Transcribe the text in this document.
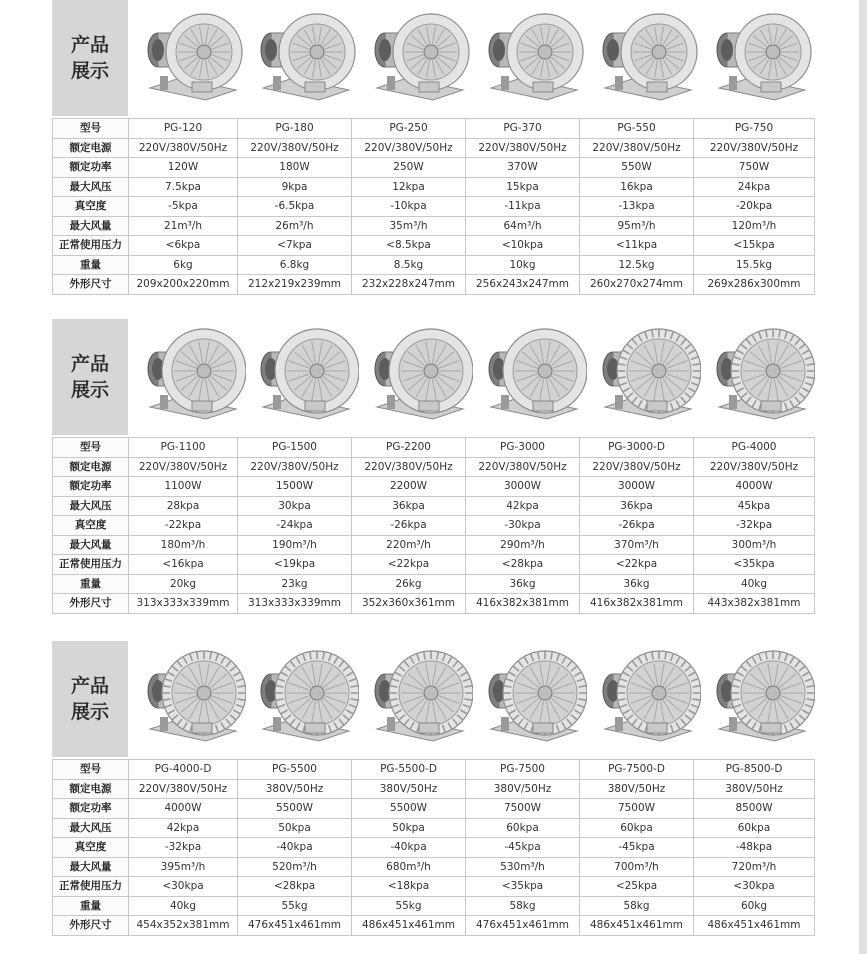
产品
展示
型号	PG-120	PG-180	PG-250	PG-370	PG-550	PG-750
额定电源	220V/380V/50Hz	220V/380V/50Hz	220V/380V/50Hz	220V/380V/50Hz	220V/380V/50Hz	220V/380V/50Hz
额定功率	120W	180W	250W	370W	550W	750W
最大风压	7.5kpa	9kpa	12kpa	15kpa	16kpa	24kpa
真空度	-5kpa	-6.5kpa	-10kpa	-11kpa	-13kpa	-20kpa
最大风量	21m³/h	26m³/h	35m³/h	64m³/h	95m³/h	120m³/h
正常使用压力	<6kpa	<7kpa	<8.5kpa	<10kpa	<11kpa	<15kpa
重量	6kg	6.8kg	8.5kg	10kg	12.5kg	15.5kg
外形尺寸	209x200x220mm	212x219x239mm	232x228x247mm	256x243x247mm	260x270x274mm	269x286x300mm
产品
展示
型号	PG-1100	PG-1500	PG-2200	PG-3000	PG-3000-D	PG-4000
额定电源	220V/380V/50Hz	220V/380V/50Hz	220V/380V/50Hz	220V/380V/50Hz	220V/380V/50Hz	220V/380V/50Hz
额定功率	1100W	1500W	2200W	3000W	3000W	4000W
最大风压	28kpa	30kpa	36kpa	42kpa	36kpa	45kpa
真空度	-22kpa	-24kpa	-26kpa	-30kpa	-26kpa	-32kpa
最大风量	180m³/h	190m³/h	220m³/h	290m³/h	370m³/h	300m³/h
正常使用压力	<16kpa	<19kpa	<22kpa	<28kpa	<22kpa	<35kpa
重量	20kg	23kg	26kg	36kg	36kg	40kg
外形尺寸	313x333x339mm	313x333x339mm	352x360x361mm	416x382x381mm	416x382x381mm	443x382x381mm
产品
展示
型号	PG-4000-D	PG-5500	PG-5500-D	PG-7500	PG-7500-D	PG-8500-D
额定电源	220V/380V/50Hz	380V/50Hz	380V/50Hz	380V/50Hz	380V/50Hz	380V/50Hz
额定功率	4000W	5500W	5500W	7500W	7500W	8500W
最大风压	42kpa	50kpa	50kpa	60kpa	60kpa	60kpa
真空度	-32kpa	-40kpa	-40kpa	-45kpa	-45kpa	-48kpa
最大风量	395m³/h	520m³/h	680m³/h	530m³/h	700m³/h	720m³/h
正常使用压力	<30kpa	<28kpa	<18kpa	<35kpa	<25kpa	<30kpa
重量	40kg	55kg	55kg	58kg	58kg	60kg
外形尺寸	454x352x381mm	476x451x461mm	486x451x461mm	476x451x461mm	486x451x461mm	486x451x461mm
